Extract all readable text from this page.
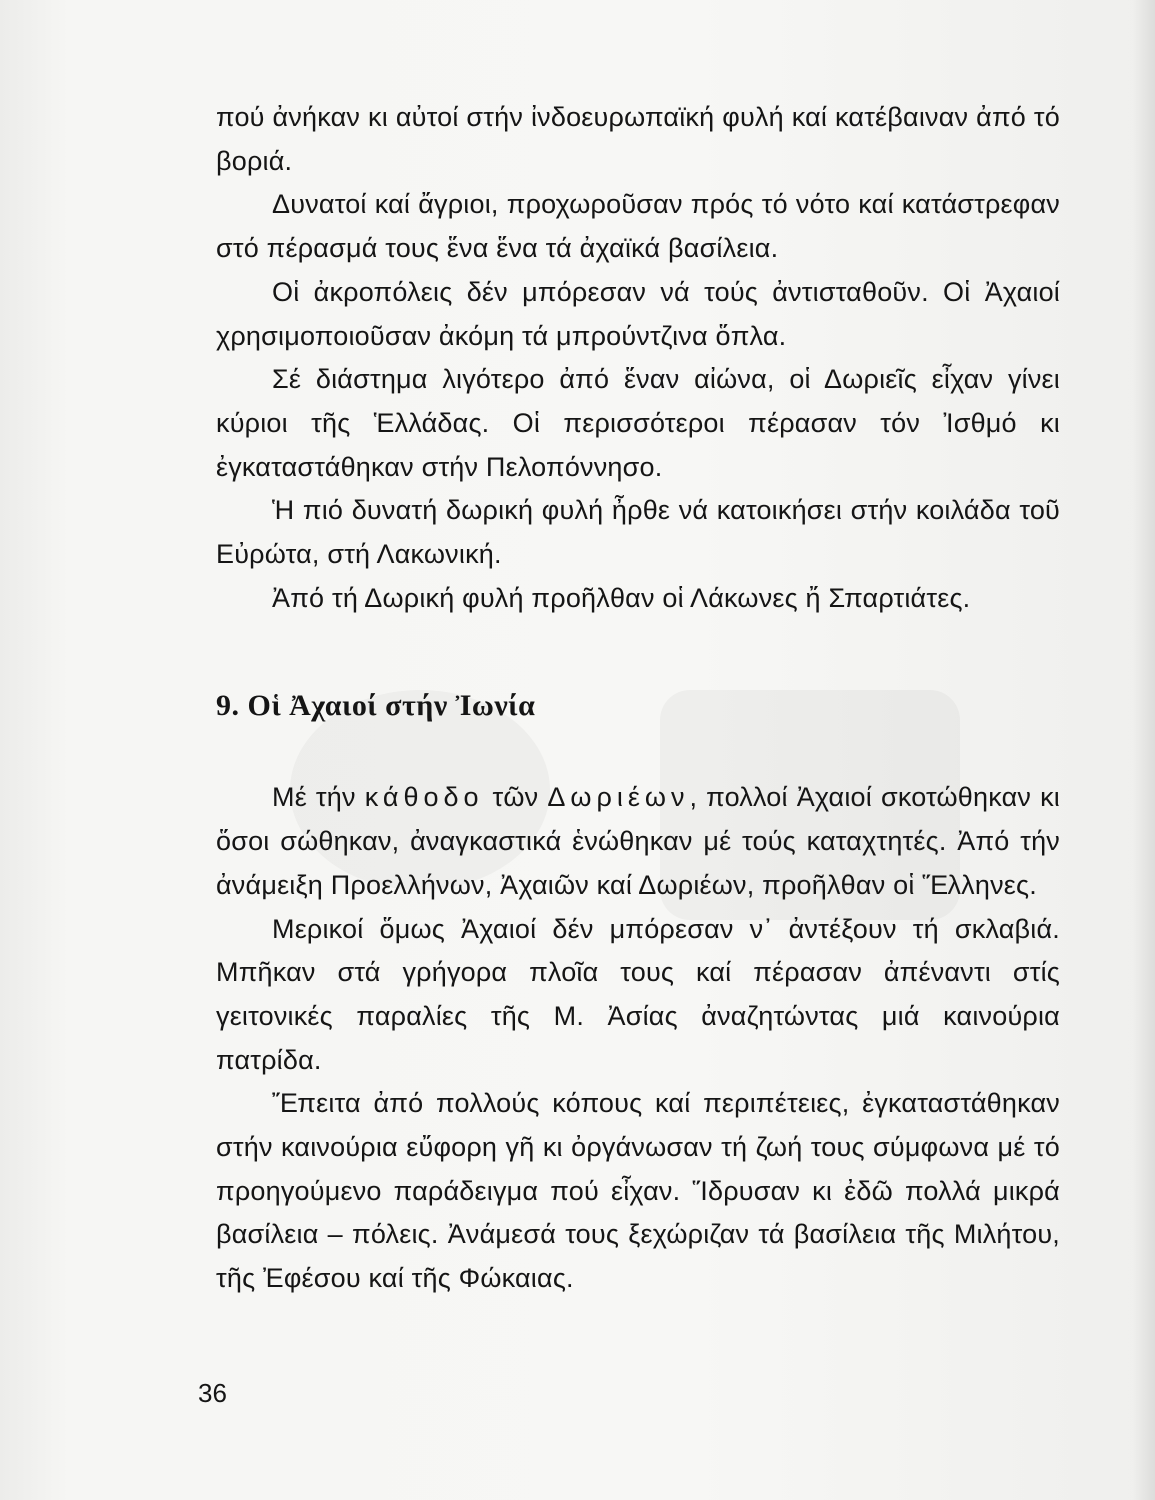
πού ἀνήκαν κι αὐτοί στήν ἰνδοευρωπαϊκή φυλή καί κατέβαιναν ἀπό τό βοριά.

Δυνατοί καί ἄγριοι, προχωροῦσαν πρός τό νότο καί κατάστρεφαν στό πέρασμά τους ἕνα ἕνα τά ἀχαϊκά βασίλεια.

Οἱ ἀκροπόλεις δέν μπόρεσαν νά τούς ἀντισταθοῦν. Οἱ Ἀχαιοί χρησιμοποιοῦσαν ἀκόμη τά μπρούντζινα ὅπλα.

Σέ διάστημα λιγότερο ἀπό ἕναν αἰώνα, οἱ Δωριεῖς εἶχαν γίνει κύριοι τῆς Ἑλλάδας. Οἱ περισσότεροι πέρασαν τόν Ἰσθμό κι ἐγκαταστάθηκαν στήν Πελοπόννησο.

Ἡ πιό δυνατή δωρική φυλή ἦρθε νά κατοικήσει στήν κοιλάδα τοῦ Εὐρώτα, στή Λακωνική.

Ἀπό τή Δωρική φυλή προῆλθαν οἱ Λάκωνες ἤ Σπαρτιάτες.

9. Οἱ Ἀχαιοί στήν Ἰωνία

Μέ τήν κάθοδο τῶν Δωριέων, πολλοί Ἀχαιοί σκοτώθηκαν κι ὅσοι σώθηκαν, ἀναγκαστικά ἑνώθηκαν μέ τούς καταχτητές. Ἀπό τήν ἀνάμειξη Προελλήνων, Ἀχαιῶν καί Δωριέων, προῆλθαν οἱ Ἕλληνες.

Μερικοί ὅμως Ἀχαιοί δέν μπόρεσαν ν᾿ ἀντέξουν τή σκλαβιά. Μπῆκαν στά γρήγορα πλοῖα τους καί πέρασαν ἀπέναντι στίς γειτονικές παραλίες τῆς Μ. Ἀσίας ἀναζητώντας μιά καινούρια πατρίδα.

Ἔπειτα ἀπό πολλούς κόπους καί περιπέτειες, ἐγκαταστάθηκαν στήν καινούρια εὔφορη γῆ κι ὀργάνωσαν τή ζωή τους σύμφωνα μέ τό προηγούμενο παράδειγμα πού εἶχαν. Ἵδρυσαν κι ἐδῶ πολλά μικρά βασίλεια – πόλεις. Ἀνάμεσά τους ξεχώριζαν τά βασίλεια τῆς Μιλήτου, τῆς Ἐφέσου καί τῆς Φώκαιας.

36
